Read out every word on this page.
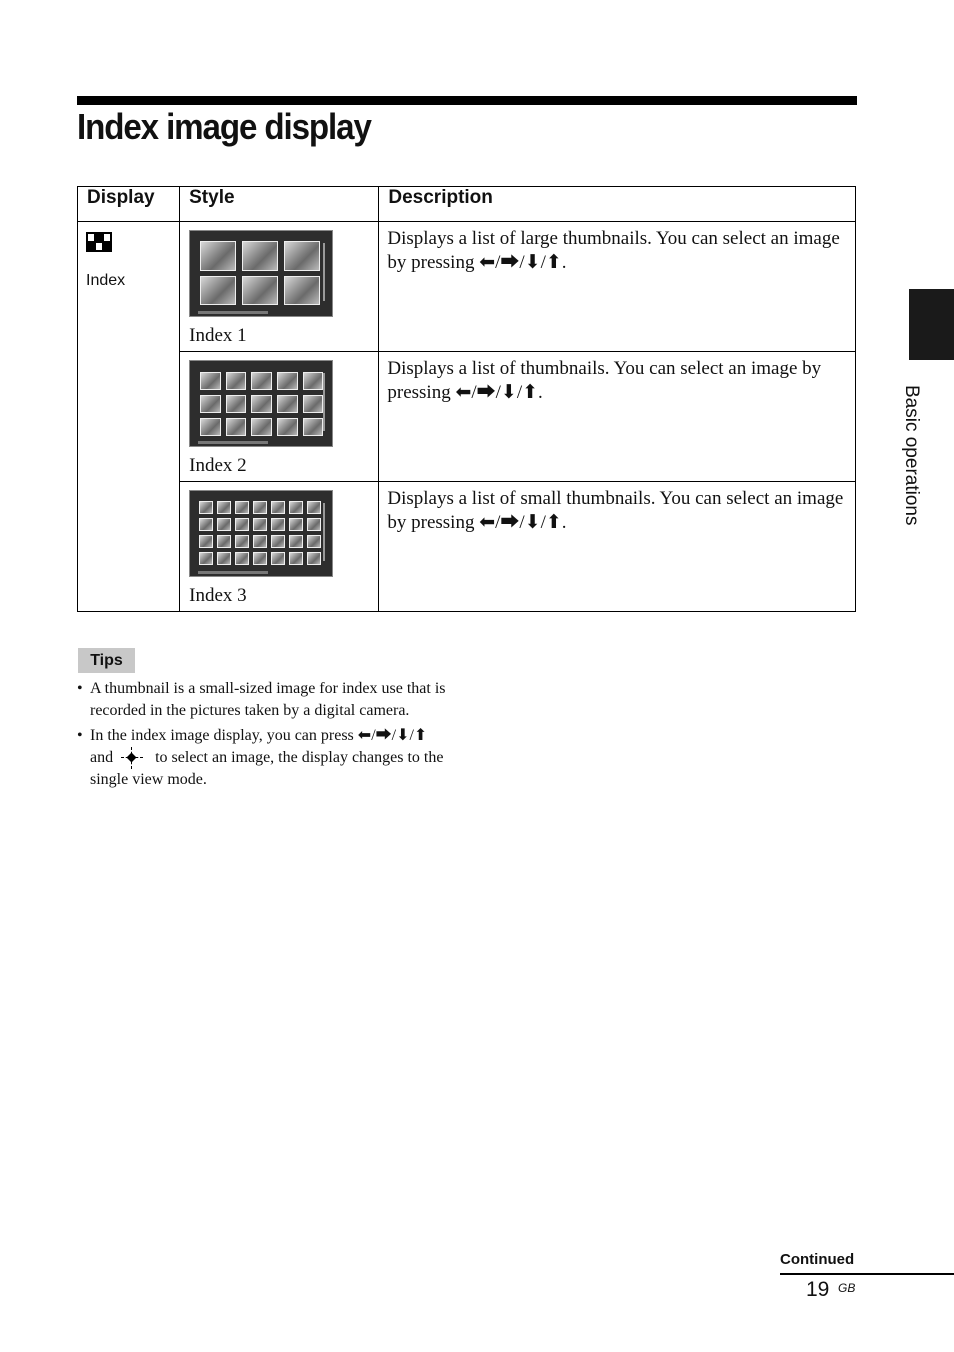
Index image display
Display	Style	Description

Index	Index 1	Displays a list of large thumbnails. You can select an image by pressing ⬅/⮕/⬇/⬆.

	Index 2	Displays a list of thumbnails. You can select an image by pressing ⬅/⮕/⬇/⬆.

	Index 3	Displays a list of small thumbnails. You can select an image by pressing ⬅/⮕/⬇/⬆.
Tips
• A thumbnail is a small-sized image for index use that is recorded in the pictures taken by a digital camera.
• In the index image display, you can press ⬅/⮕/⬇/⬆ and	to select an image, the display changes to the single view mode.
Basic operations
Continued
19 GB
